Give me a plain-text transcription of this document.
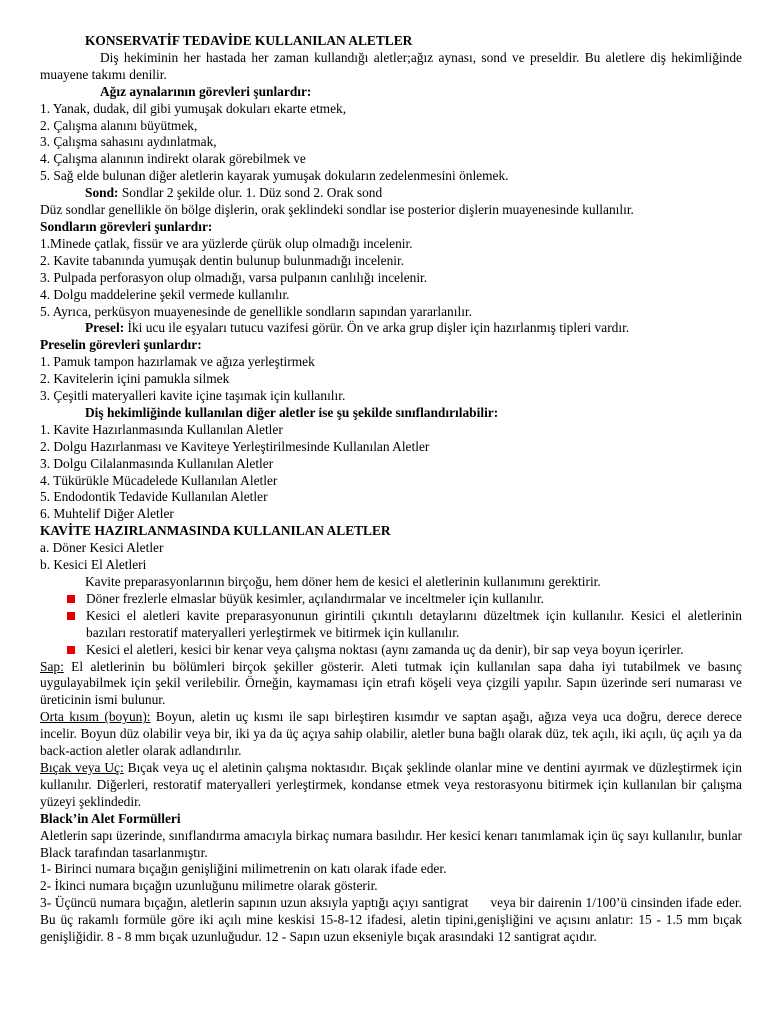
KONSERVATİF TEDAVİDE KULLANILAN ALETLER
Diş hekiminin her hastada her zaman kullandığı aletler;ağız aynası, sond ve preseldir. Bu aletlere diş hekimliğinde muayene takımı denilir.
Ağız aynalarının görevleri şunlardır:
1. Yanak, dudak, dil gibi yumuşak dokuları ekarte etmek,
2. Çalışma alanını büyütmek,
3. Çalışma sahasını aydınlatmak,
4. Çalışma alanının indirekt olarak görebilmek ve
5. Sağ elde bulunan diğer aletlerin kayarak yumuşak dokuların zedelenmesini önlemek.
Sond: Sondlar 2 şekilde olur. 1. Düz sond 2. Orak sond
Düz sondlar genellikle ön bölge dişlerin, orak şeklindeki sondlar ise posterior dişlerin muayenesinde kullanılır.
Sondların görevleri şunlardır:
1.Minede çatlak, fissür ve ara yüzlerde çürük olup olmadığı incelenir.
2. Kavite tabanında yumuşak dentin bulunup bulunmadığı incelenir.
3. Pulpada perforasyon olup olmadığı, varsa pulpanın canlılığı incelenir.
4. Dolgu maddelerine şekil vermede kullanılır.
5. Ayrıca, perküsyon muayenesinde de genellikle sondların sapından yararlanılır.
Presel: İki ucu ile eşyaları tutucu vazifesi görür. Ön ve arka grup dişler için hazırlanmış tipleri vardır.
Preselin görevleri şunlardır:
1. Pamuk tampon hazırlamak ve ağıza yerleştirmek
2. Kavitelerin içini pamukla silmek
3. Çeşitli materyalleri kavite içine taşımak için kullanılır.
Diş hekimliğinde kullanılan diğer aletler ise şu şekilde sınıflandırılabilir:
1. Kavite Hazırlanmasında Kullanılan Aletler
2. Dolgu Hazırlanması ve Kaviteye Yerleştirilmesinde Kullanılan Aletler
3. Dolgu Cilalanmasında Kullanılan Aletler
4. Tükürükle Mücadelede Kullanılan Aletler
5. Endodontik Tedavide Kullanılan Aletler
6. Muhtelif Diğer Aletler
KAVİTE HAZIRLANMASINDA KULLANILAN ALETLER
a. Döner Kesici Aletler
b. Kesici El Aletleri
Kavite preparasyonlarının birçoğu, hem döner hem de kesici el aletlerinin kullanımını gerektirir.
Döner frezlerle elmaslar büyük kesimler, açılandırmalar ve inceltmeler için kullanılır.
Kesici el aletleri kavite preparasyonunun girintili çıkıntılı detaylarını düzeltmek için kullanılır. Kesici el aletlerinin bazıları restoratif materyalleri yerleştirmek ve bitirmek için kullanılır.
Kesici el aletleri, kesici bir kenar veya çalışma noktası (aynı zamanda uç da denir), bir sap veya boyun içerirler.
Sap: El aletlerinin bu bölümleri birçok şekiller gösterir. Aleti tutmak için kullanılan sapa daha iyi tutabilmek ve basınç uygulayabilmek için şekil verilebilir. Örneğin, kaymaması için etrafı köşeli veya çizgili yapılır. Sapın üzerinde seri numarası ve üreticinin ismi bulunur.
Orta kısım (boyun): Boyun, aletin uç kısmı ile sapı birleştiren kısımdır ve saptan aşağı, ağıza veya uca doğru, derece derece incelir. Boyun düz olabilir veya bir, iki ya da üç açıya sahip olabilir, aletler buna bağlı olarak düz, tek açılı, iki açılı, üç açılı ya da back-action aletler olarak adlandırılır.
Bıçak veya Uç: Bıçak veya uç el aletinin çalışma noktasıdır. Bıçak şeklinde olanlar mine ve dentini ayırmak ve düzleştirmek için kullanılır. Diğerleri, restoratif materyalleri yerleştirmek, kondanse etmek veya restorasyonu bitirmek için kullanılan bir çalışma yüzeyi şeklindedir.
Black’in Alet Formülleri
Aletlerin sapı üzerinde, sınıflandırma amacıyla birkaç numara basılıdır. Her kesici kenarı tanımlamak için üç sayı kullanılır, bunlar Black tarafından tasarlanmıştır.
1- Birinci numara bıçağın genişliğini milimetrenin on katı olarak ifade eder.
2- İkinci numara bıçağın uzunluğunu milimetre olarak gösterir.
3- Üçüncü numara bıçağın, aletlerin sapının uzun aksıyla yaptığı açıyı santigrat      veya bir dairenin 1/100’ü cinsinden ifade eder. Bu üç rakamlı formüle göre iki açılı mine keskisi 15-8-12 ifadesi, aletin tipini,genişliğini ve açısını anlatır: 15 - 1.5 mm bıçak genişliğidir. 8 - 8 mm bıçak uzunluğudur. 12 - Sapın uzun ekseniyle bıçak arasındaki 12 santigrat açıdır.
